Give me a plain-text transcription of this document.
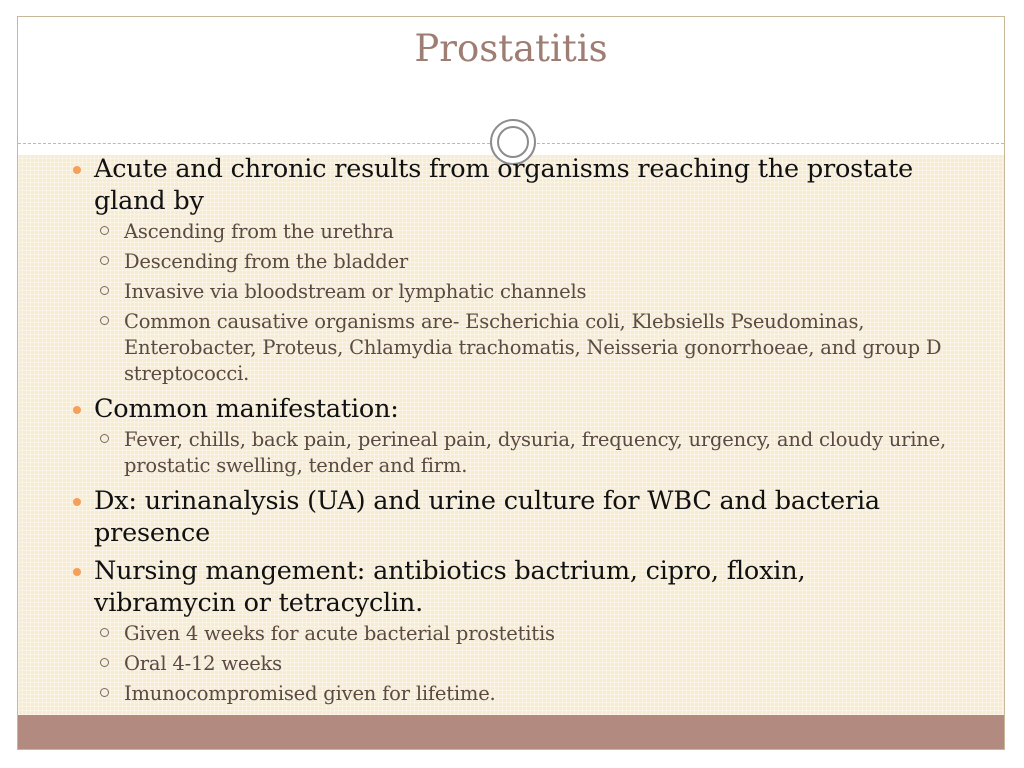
Prostatitis
Acute and chronic results from organisms reaching the prostate gland by
Ascending from the urethra
Descending from the bladder
Invasive via bloodstream or lymphatic channels
Common causative organisms are- Escherichia coli, Klebsiells Pseudominas, Enterobacter, Proteus, Chlamydia trachomatis, Neisseria gonorrhoeae, and group D streptococci.
Common manifestation:
Fever, chills, back pain, perineal pain, dysuria, frequency, urgency, and cloudy urine, prostatic swelling, tender and firm.
Dx: urinanalysis (UA) and urine culture for WBC and bacteria presence
Nursing mangement: antibiotics bactrium, cipro, floxin, vibramycin or tetracyclin.
Given 4 weeks for acute bacterial prostetitis
Oral 4-12 weeks
Imunocompromised given for lifetime.
